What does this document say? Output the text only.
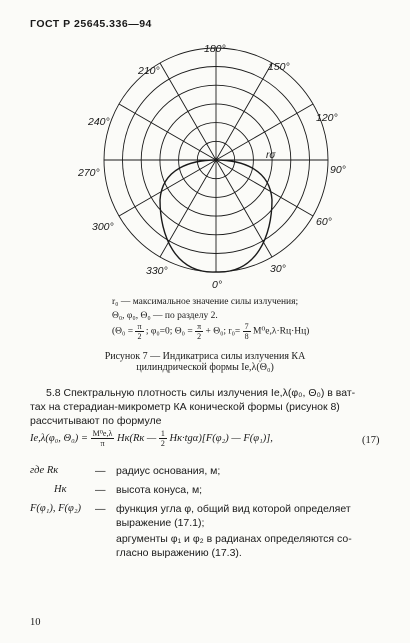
ГОСТ Р 25645.336—94
180°
150°
120°
90°
60°
30°
0°
330°
300°
270°
240°
210°
rσ
r₀ — максимальное значение силы излучения;
Θ₀, φ₀, Θ₀ — по разделу 2.
($\Theta_0 = \frac{\pi}{2}$ ; φ₀=0; $\Theta_0 = \frac{\pi}{2} + \Theta_0$; $r_0= \frac{7}{8} M^0e,\lambda\cdot Rц\cdot Hц$)
Рисунок 7 — Индикатриса силы излучения КА
цилиндрической формы Ie,λ(Θ₀)
5.8 Спектральную плотность силы излучения Ie,λ(φ₀, Θ₀) в ват-
тах на стерадиан-микрометр КА конической формы (рисунок 8)
рассчитывают по формуле
Ie,λ(φ₀, $\Theta_0) = \frac{\text{M⁰e,λ}}{\pi} Hк(Rк$ — $\frac{1}{2} Hк\cdot tg\alpha)[F(\varphi_2)$ — F(φ₁)],	(17)
где Rк	— радиус основания, м;
Hк	— высота конуса, м;
F(φ₁), F(φ₂) — функция угла φ, общий вид которой определяет
выражение (17.1);
аргументы φ₁ и φ₂ в радианах определяются со-
гласно выражению (17.3).
10
